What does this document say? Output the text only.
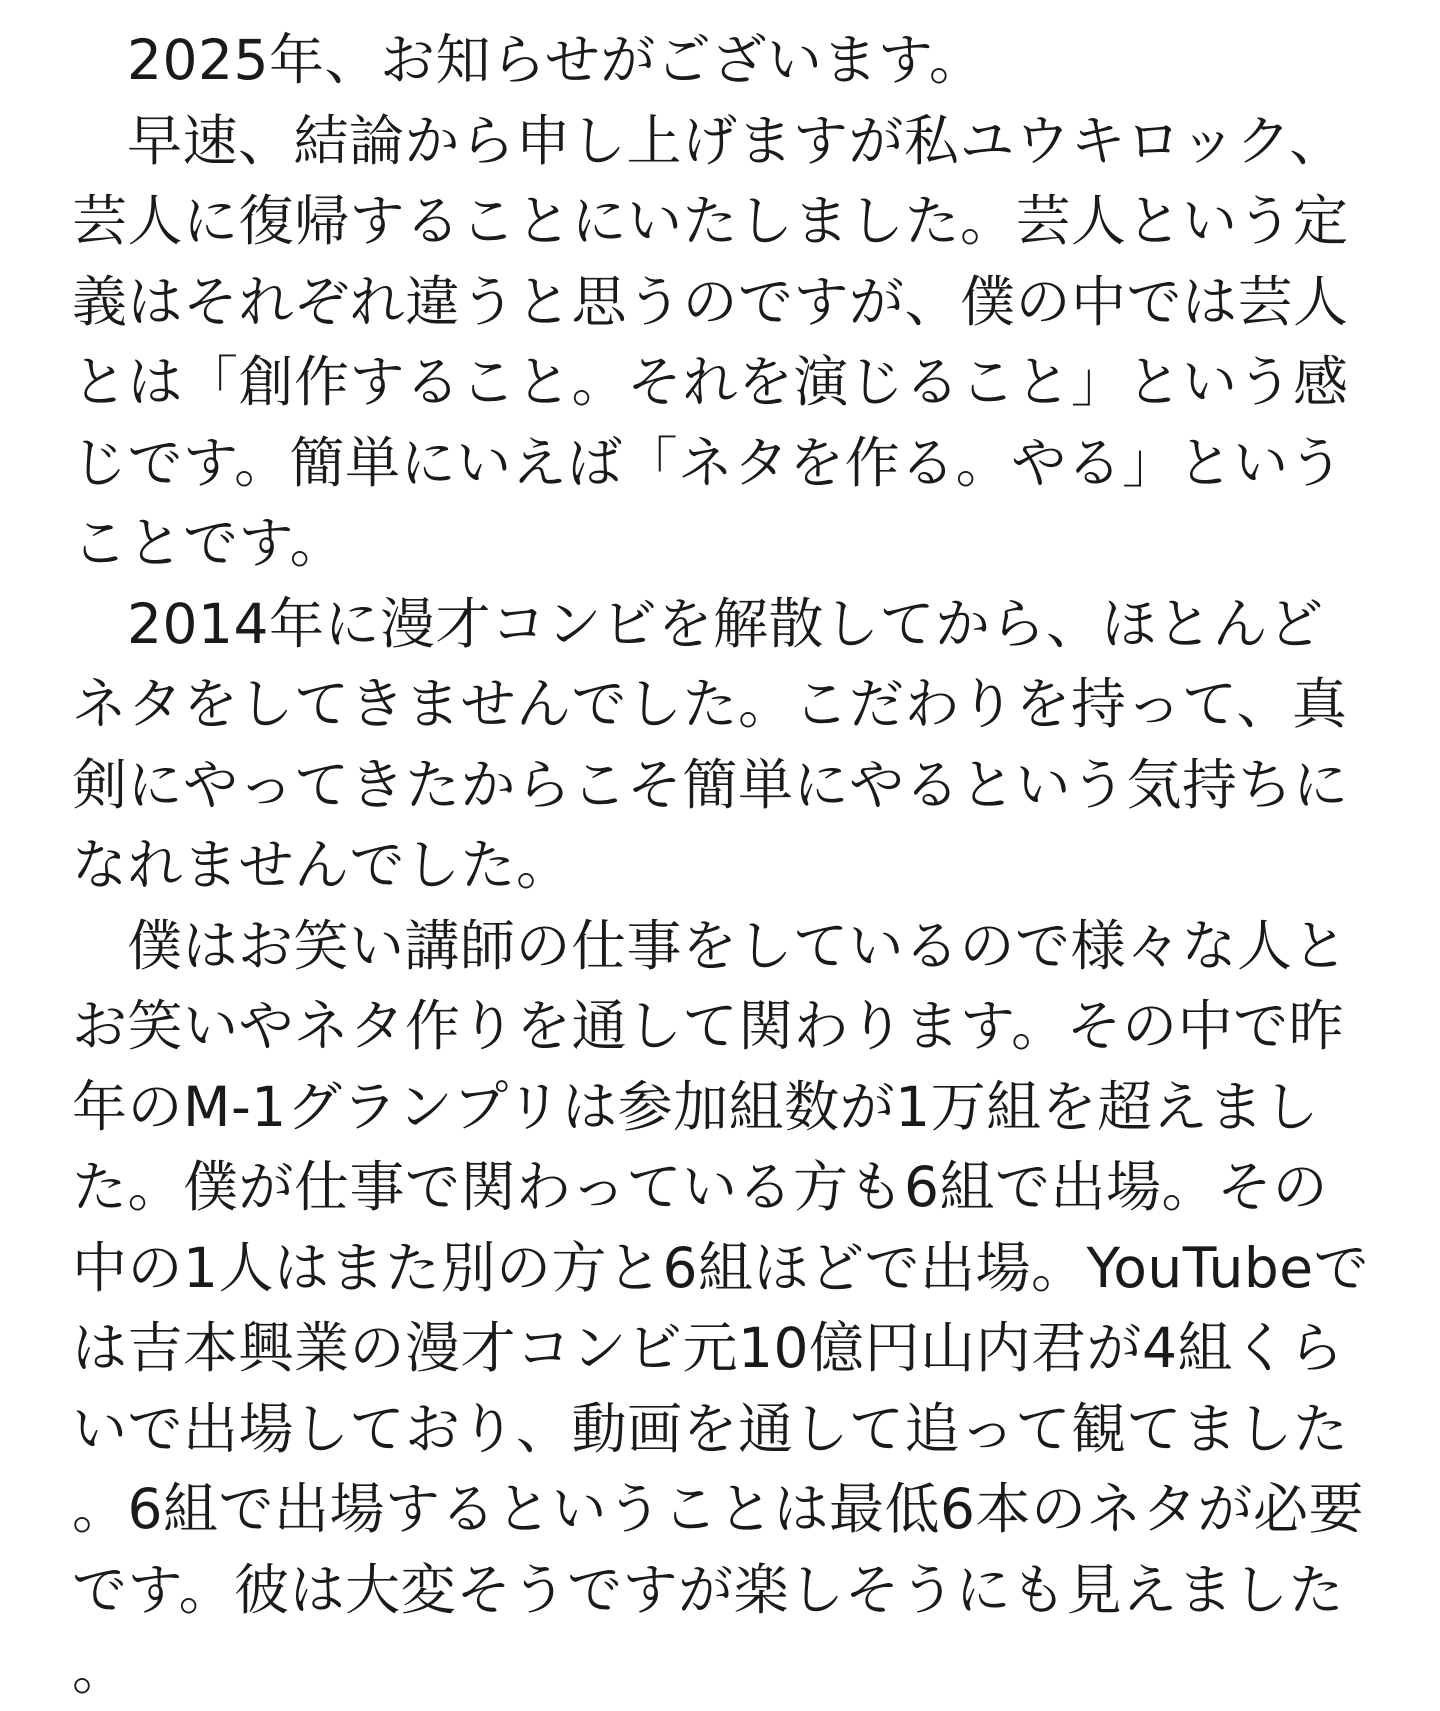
2025年、お知らせがございます。

早速、結論から申し上げますが私ユウキロック、芸人に復帰することにいたしました。芸人という定義はそれぞれ違うと思うのですが、僕の中では芸人とは「創作すること。それを演じること」という感じです。簡単にいえば「ネタを作る。やる」ということです。

2014年に漫才コンビを解散してから、ほとんどネタをしてきませんでした。こだわりを持って、真剣にやってきたからこそ簡単にやるという気持ちになれませんでした。

僕はお笑い講師の仕事をしているので様々な人とお笑いやネタ作りを通して関わります。その中で昨年のM-1グランプリは参加組数が1万組を超えました。僕が仕事で関わっている方も6組で出場。その中の1人はまた別の方と6組ほどで出場。YouTubeでは吉本興業の漫才コンビ元10億円山内君が4組くらいで出場しており、動画を通して追って観てました。6組で出場するということは最低6本のネタが必要です。彼は大変そうですが楽しそうにも見えました。
